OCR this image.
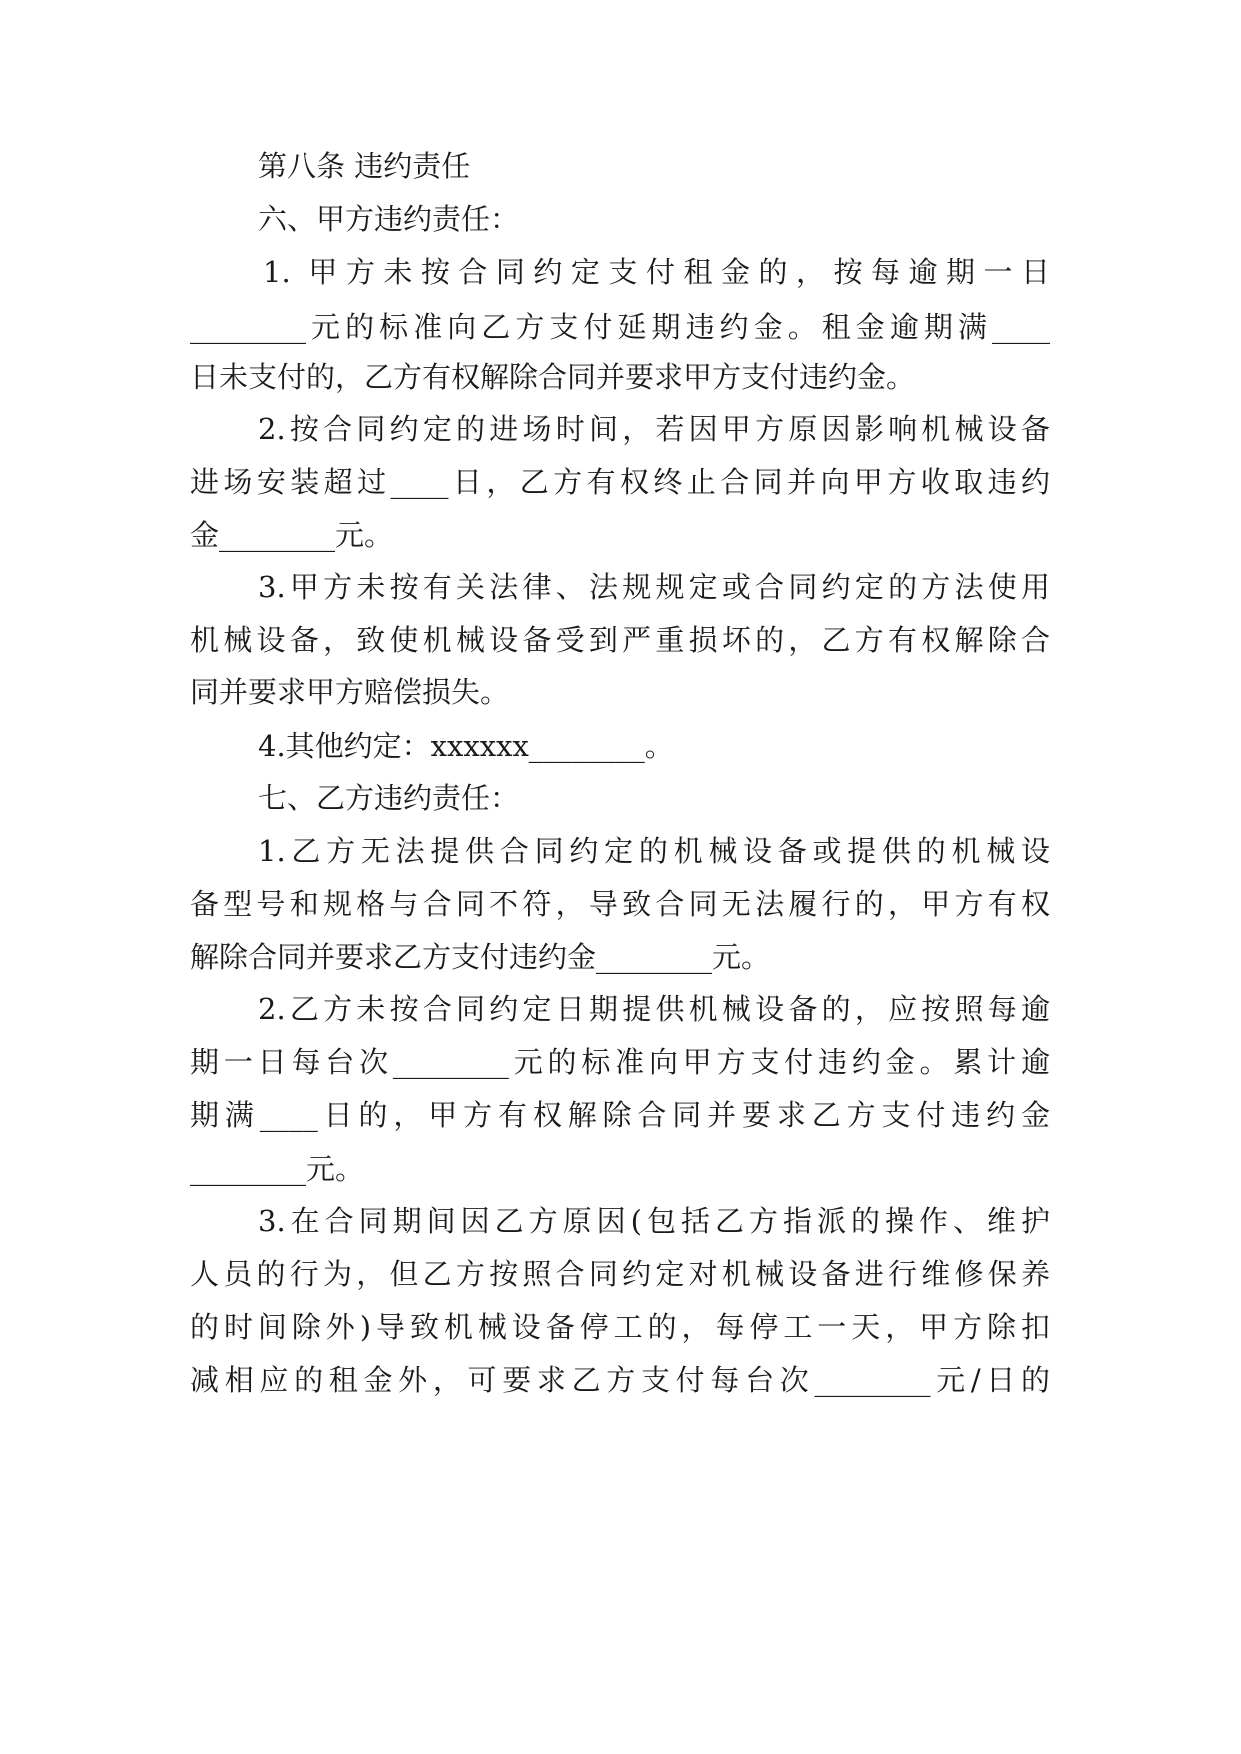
第八条 违约责任
六、甲方违约责任：
1. 甲方未按合同约定支付租金的，按每逾期一日
________元的标准向乙方支付延期违约金。租金逾期满____
日未支付的，乙方有权解除合同并要求甲方支付违约金。
2.按合同约定的进场时间，若因甲方原因影响机械设备
进场安装超过____日，乙方有权终止合同并向甲方收取违约
金________元。
3.甲方未按有关法律、法规规定或合同约定的方法使用
机械设备，致使机械设备受到严重损坏的，乙方有权解除合
同并要求甲方赔偿损失。
4.其他约定：xxxxxx________。
七、乙方违约责任：
1.乙方无法提供合同约定的机械设备或提供的机械设
备型号和规格与合同不符，导致合同无法履行的，甲方有权
解除合同并要求乙方支付违约金________元。
2.乙方未按合同约定日期提供机械设备的，应按照每逾
期一日每台次________元的标准向甲方支付违约金。累计逾
期满____日的，甲方有权解除合同并要求乙方支付违约金
________元。
3.在合同期间因乙方原因(包括乙方指派的操作、维护
人员的行为，但乙方按照合同约定对机械设备进行维修保养
的时间除外)导致机械设备停工的，每停工一天，甲方除扣
减相应的租金外，可要求乙方支付每台次________元/日的
